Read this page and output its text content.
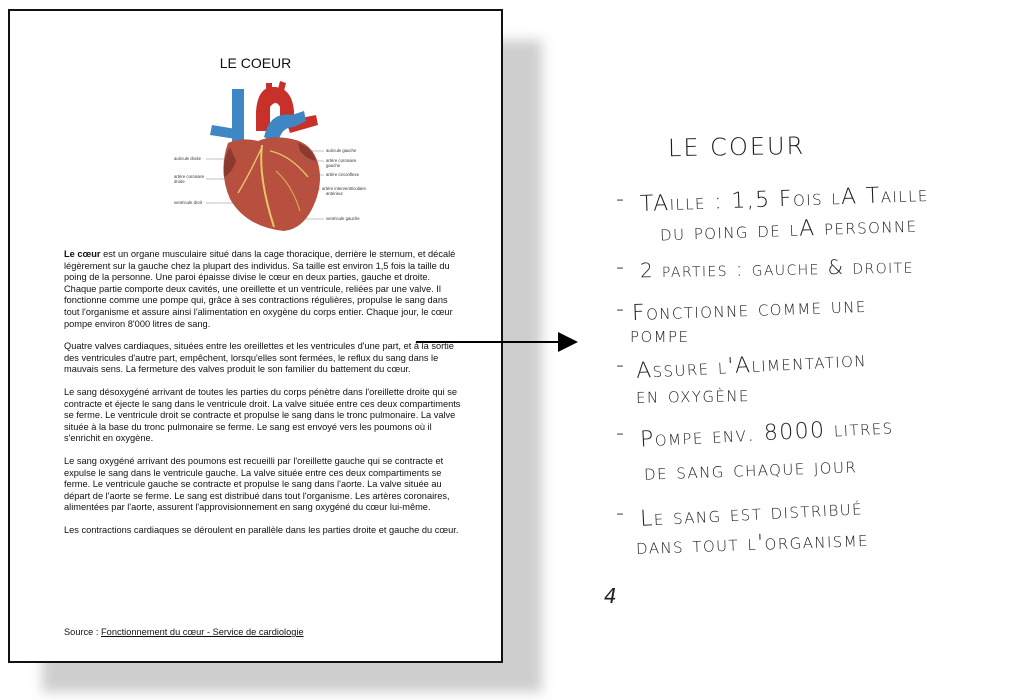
LE COEUR
auricule gauche
artère coronaire
gauche
artère circonflexe
artère interventriculaire
antérieur
ventricule gauche
auricule droite
artère coronaire
droite
ventricule droit

Le cœur est un organe musculaire situé dans la cage thoracique, derrière le sternum, et décalé légèrement sur la gauche chez la plupart des individus. Sa taille est environ 1,5 fois la taille du poing de la personne. Une paroi épaisse divise le cœur en deux parties, gauche et droite. Chaque partie comporte deux cavités, une oreillette et un ventricule, reliées par une valve. Il fonctionne comme une pompe qui, grâce à ses contractions régulières, propulse le sang dans tout l'organisme et assure ainsi l'alimentation en oxygène du corps entier. Chaque jour, le cœur pompe environ 8'000 litres de sang.

Quatre valves cardiaques, situées entre les oreillettes et les ventricules d'une part, et à la sortie des ventricules d'autre part, empêchent, lorsqu'elles sont fermées, le reflux du sang dans le mauvais sens. La fermeture des valves produit le son familier du battement du cœur.

Le sang désoxygéné arrivant de toutes les parties du corps pénètre dans l'oreillette droite qui se contracte et éjecte le sang dans le ventricule droit. La valve située entre ces deux compartiments se ferme. Le ventricule droit se contracte et propulse le sang dans le tronc pulmonaire. La valve située à la base du tronc pulmonaire se ferme. Le sang est envoyé vers les poumons où il s'enrichit en oxygène.

Le sang oxygéné arrivant des poumons est recueilli par l'oreillette gauche qui se contracte et expulse le sang dans le ventricule gauche. La valve située entre ces deux compartiments se ferme. Le ventricule gauche se contracte et propulse le sang dans l'aorte. La valve située au départ de l'aorte se ferme. Le sang est distribué dans tout l'organisme. Les artères coronaires, alimentées par l'aorte, assurent l'approvisionnement en sang oxygéné du cœur lui-même.

Les contractions cardiaques se déroulent en parallèle dans les parties droite et gauche du cœur.

Source : Fonctionnement du cœur - Service de cardiologie
LE COEUR
- TAille : 1,5 Fois lA Taille
du poing de lA personne
- 2 parties : gauche & droite
- Fonctionne comme une
pompe
- Assure l'Alimentation
en oxygène
- Pompe env. 8000 litres
de sang chaque jour
- Le sang est distribué
dans tout l'organisme
4
